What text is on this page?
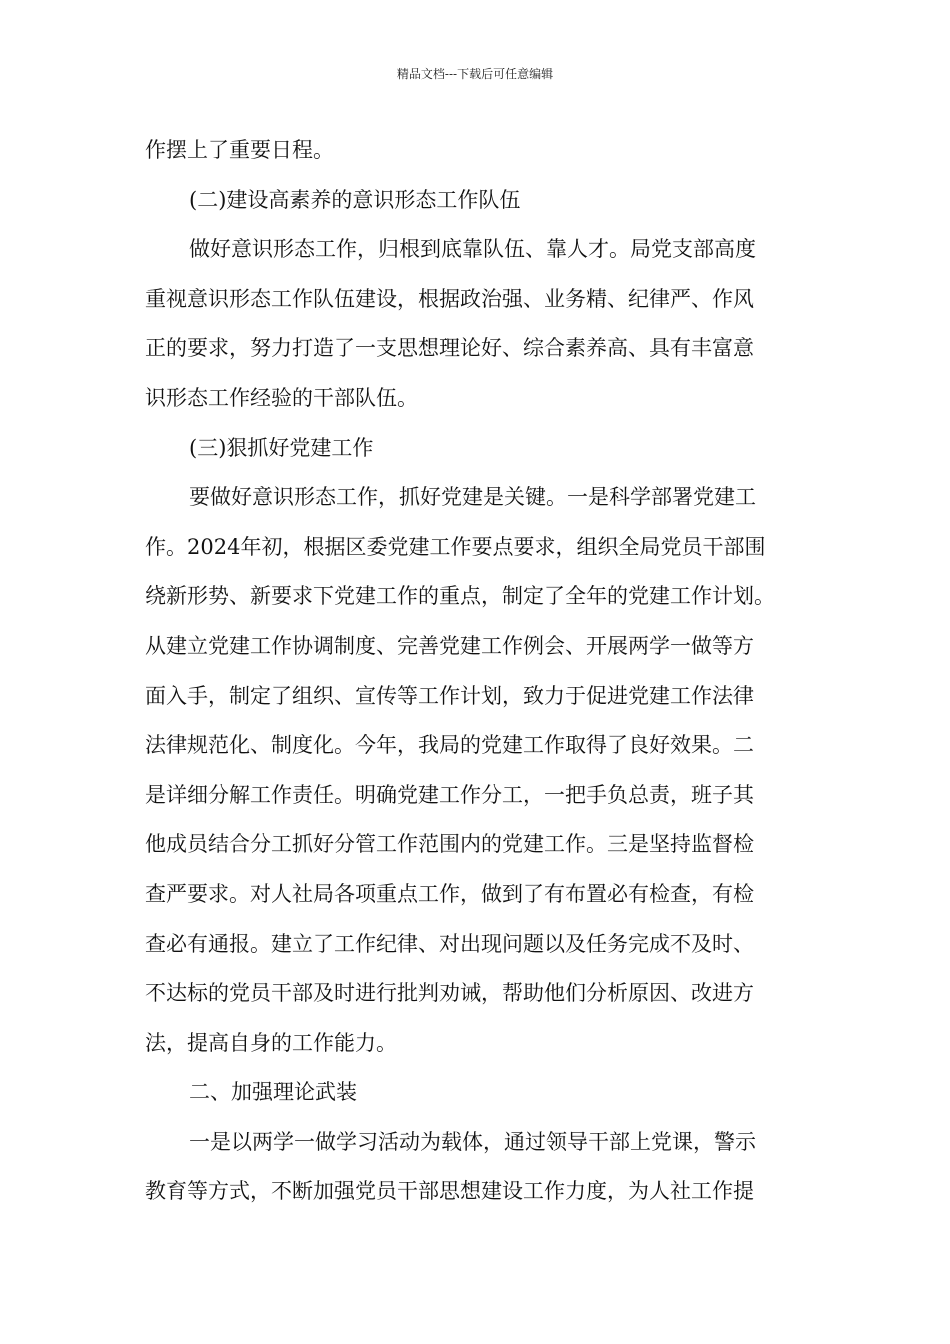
精品文档---下载后可任意编辑
作摆上了重要日程。
(二)建设高素养的意识形态工作队伍
做好意识形态工作，归根到底靠队伍、靠人才。局党支部高度
重视意识形态工作队伍建设，根据政治强、业务精、纪律严、作风
正的要求，努力打造了一支思想理论好、综合素养高、具有丰富意
识形态工作经验的干部队伍。
(三)狠抓好党建工作
要做好意识形态工作，抓好党建是关键。一是科学部署党建工
作。2024年初，根据区委党建工作要点要求，组织全局党员干部围
绕新形势、新要求下党建工作的重点，制定了全年的党建工作计划。
从建立党建工作协调制度、完善党建工作例会、开展两学一做等方
面入手，制定了组织、宣传等工作计划，致力于促进党建工作法律
法律规范化、制度化。今年，我局的党建工作取得了良好效果。二
是详细分解工作责任。明确党建工作分工，一把手负总责，班子其
他成员结合分工抓好分管工作范围内的党建工作。三是坚持监督检
查严要求。对人社局各项重点工作，做到了有布置必有检查，有检
查必有通报。建立了工作纪律、对出现问题以及任务完成不及时、
不达标的党员干部及时进行批判劝诫，帮助他们分析原因、改进方
法，提高自身的工作能力。
二、加强理论武装
一是以两学一做学习活动为载体，通过领导干部上党课，警示
教育等方式，不断加强党员干部思想建设工作力度，为人社工作提
